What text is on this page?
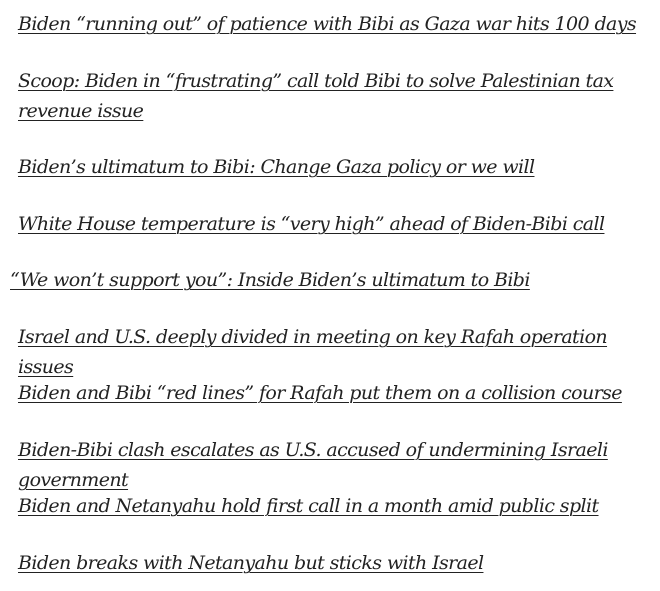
Biden “running out” of patience with Bibi as Gaza war hits 100 days
Scoop: Biden in “frustrating” call told Bibi to solve Palestinian tax revenue issue
Biden’s ultimatum to Bibi: Change Gaza policy or we will
White House temperature is “very high” ahead of Biden-Bibi call
“We won’t support you”: Inside Biden’s ultimatum to Bibi
Israel and U.S. deeply divided in meeting on key Rafah operation issues
Biden and Bibi “red lines” for Rafah put them on a collision course
Biden-Bibi clash escalates as U.S. accused of undermining Israeli government
Biden and Netanyahu hold first call in a month amid public split
Biden breaks with Netanyahu but sticks with Israel
